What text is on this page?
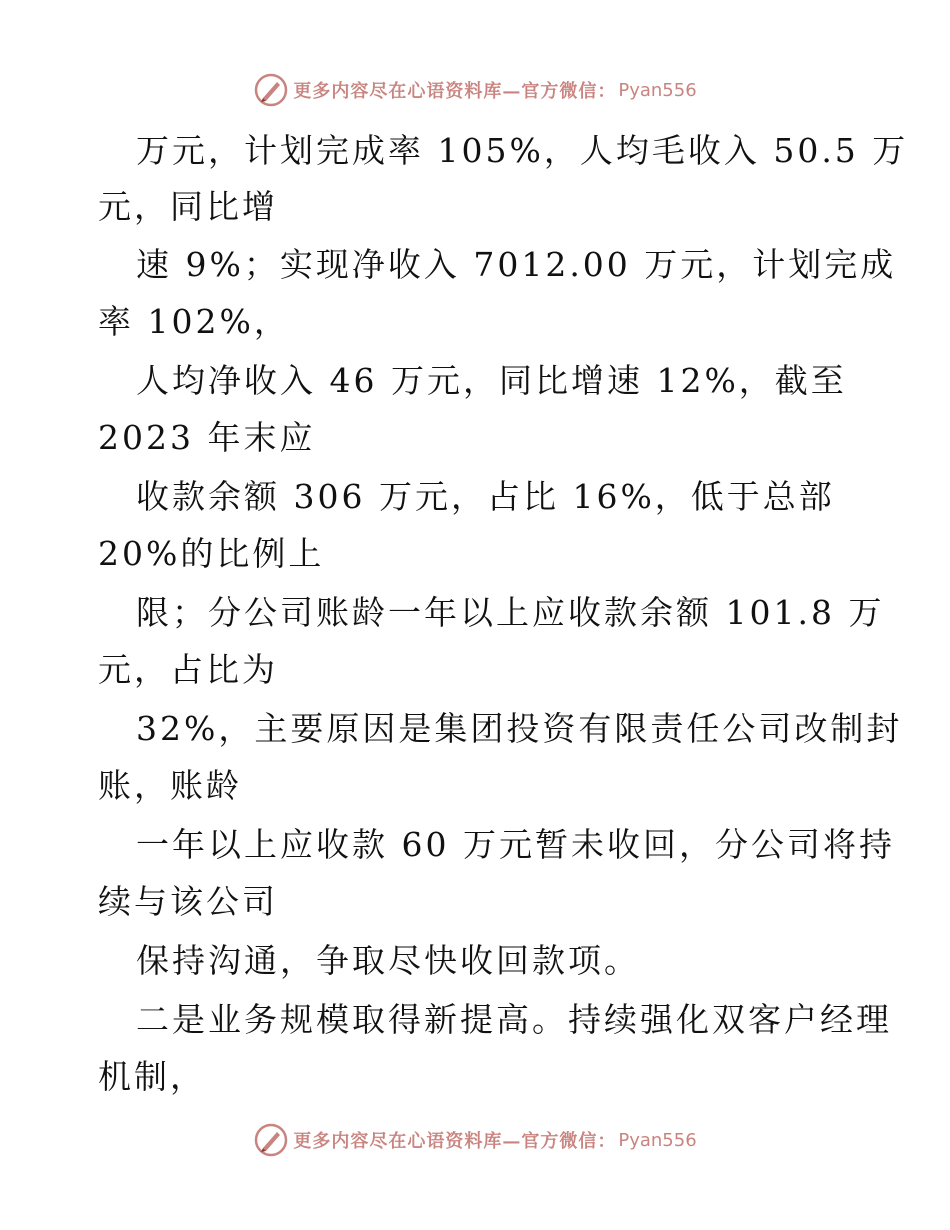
更多内容尽在心语资料库—官方微信： Pyan556
万元，计划完成率 105%，人均毛收入 50.5 万
元，同比增
速 9%；实现净收入 7012.00 万元，计划完成
率 102%，
人均净收入 46 万元，同比增速 12%，截至
2023 年末应
收款余额 306 万元，占比 16%，低于总部
20%的比例上
限；分公司账龄一年以上应收款余额 101.8 万
元，占比为
32%，主要原因是集团投资有限责任公司改制封
账，账龄
一年以上应收款 60 万元暂未收回，分公司将持
续与该公司
保持沟通，争取尽快收回款项。
二是业务规模取得新提高。持续强化双客户经理
机制，
更多内容尽在心语资料库—官方微信： Pyan556
